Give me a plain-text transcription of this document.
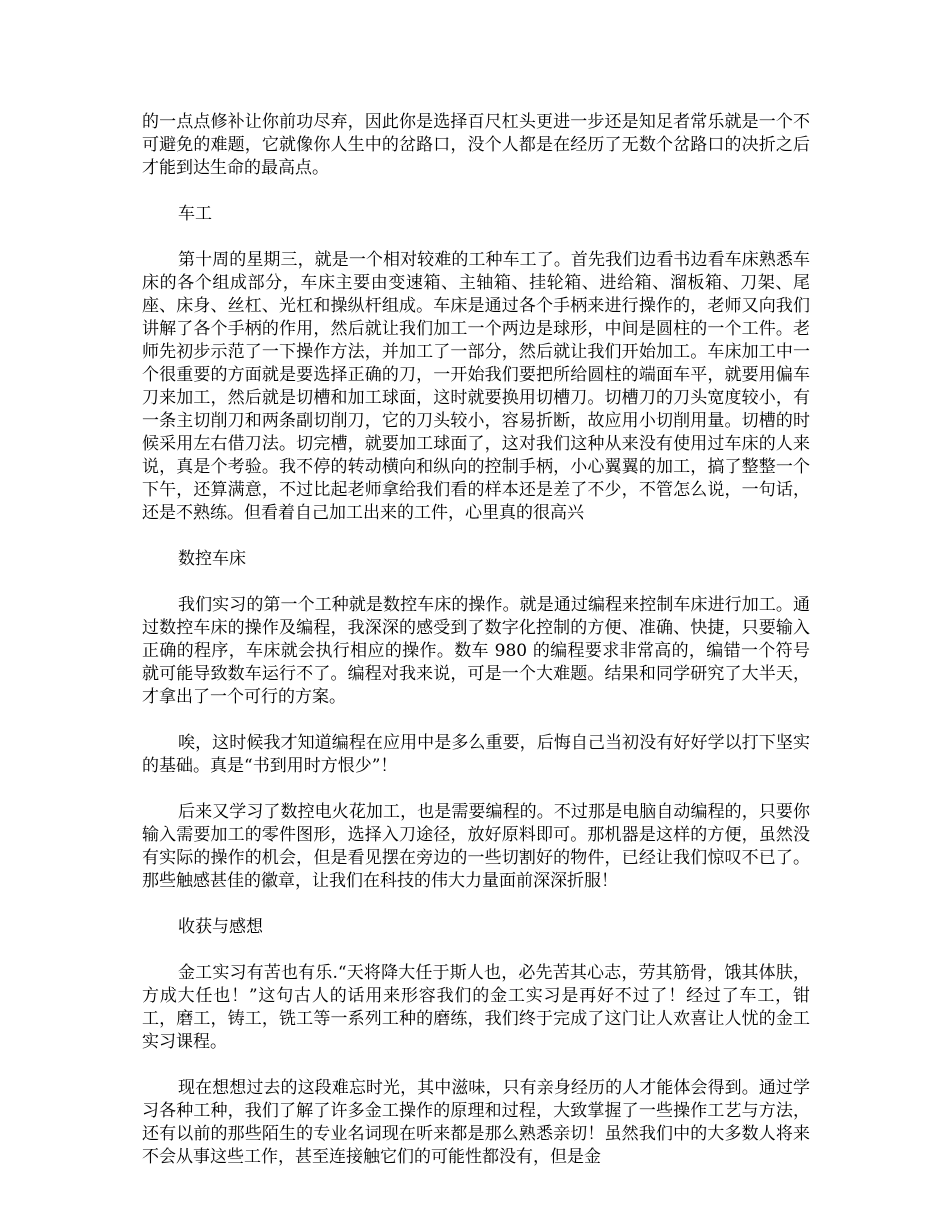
的一点点修补让你前功尽弃，因此你是选择百尺杠头更进一步还是知足者常乐就是一个不可避免的难题，它就像你人生中的岔路口，没个人都是在经历了无数个岔路口的决折之后才能到达生命的最高点。

车工

第十周的星期三，就是一个相对较难的工种车工了。首先我们边看书边看车床熟悉车床的各个组成部分，车床主要由变速箱、主轴箱、挂轮箱、进给箱、溜板箱、刀架、尾座、床身、丝杠、光杠和操纵杆组成。车床是通过各个手柄来进行操作的，老师又向我们讲解了各个手柄的作用，然后就让我们加工一个两边是球形，中间是圆柱的一个工件。老师先初步示范了一下操作方法，并加工了一部分，然后就让我们开始加工。车床加工中一个很重要的方面就是要选择正确的刀，一开始我们要把所给圆柱的端面车平，就要用偏车刀来加工，然后就是切槽和加工球面，这时就要换用切槽刀。切槽刀的刀头宽度较小，有一条主切削刀和两条副切削刀，它的刀头较小，容易折断，故应用小切削用量。切槽的时候采用左右借刀法。切完槽，就要加工球面了，这对我们这种从来没有使用过车床的人来说，真是个考验。我不停的转动横向和纵向的控制手柄，小心翼翼的加工，搞了整整一个下午，还算满意，不过比起老师拿给我们看的样本还是差了不少，不管怎么说，一句话，还是不熟练。但看着自己加工出来的工件，心里真的很高兴

数控车床

我们实习的第一个工种就是数控车床的操作。就是通过编程来控制车床进行加工。通过数控车床的操作及编程，我深深的感受到了数字化控制的方便、准确、快捷，只要输入正确的程序，车床就会执行相应的操作。数车 980 的编程要求非常高的，编错一个符号就可能导致数车运行不了。编程对我来说，可是一个大难题。结果和同学研究了大半天，才拿出了一个可行的方案。

唉，这时候我才知道编程在应用中是多么重要，后悔自己当初没有好好学以打下坚实的基础。真是“书到用时方恨少”！

后来又学习了数控电火花加工，也是需要编程的。不过那是电脑自动编程的，只要你输入需要加工的零件图形，选择入刀途径，放好原料即可。那机器是这样的方便，虽然没有实际的操作的机会，但是看见摆在旁边的一些切割好的物件，已经让我们惊叹不已了。那些触感甚佳的徽章，让我们在科技的伟大力量面前深深折服！

收获与感想

金工实习有苦也有乐.“天将降大任于斯人也，必先苦其心志，劳其筋骨，饿其体肤，方成大任也！”这句古人的话用来形容我们的金工实习是再好不过了！经过了车工，钳工，磨工，铸工，铣工等一系列工种的磨练，我们终于完成了这门让人欢喜让人忧的金工实习课程。

现在想想过去的这段难忘时光，其中滋味，只有亲身经历的人才能体会得到。通过学习各种工种，我们了解了许多金工操作的原理和过程，大致掌握了一些操作工艺与方法，还有以前的那些陌生的专业名词现在听来都是那么熟悉亲切！虽然我们中的大多数人将来不会从事这些工作，甚至连接触它们的可能性都没有，但是金
